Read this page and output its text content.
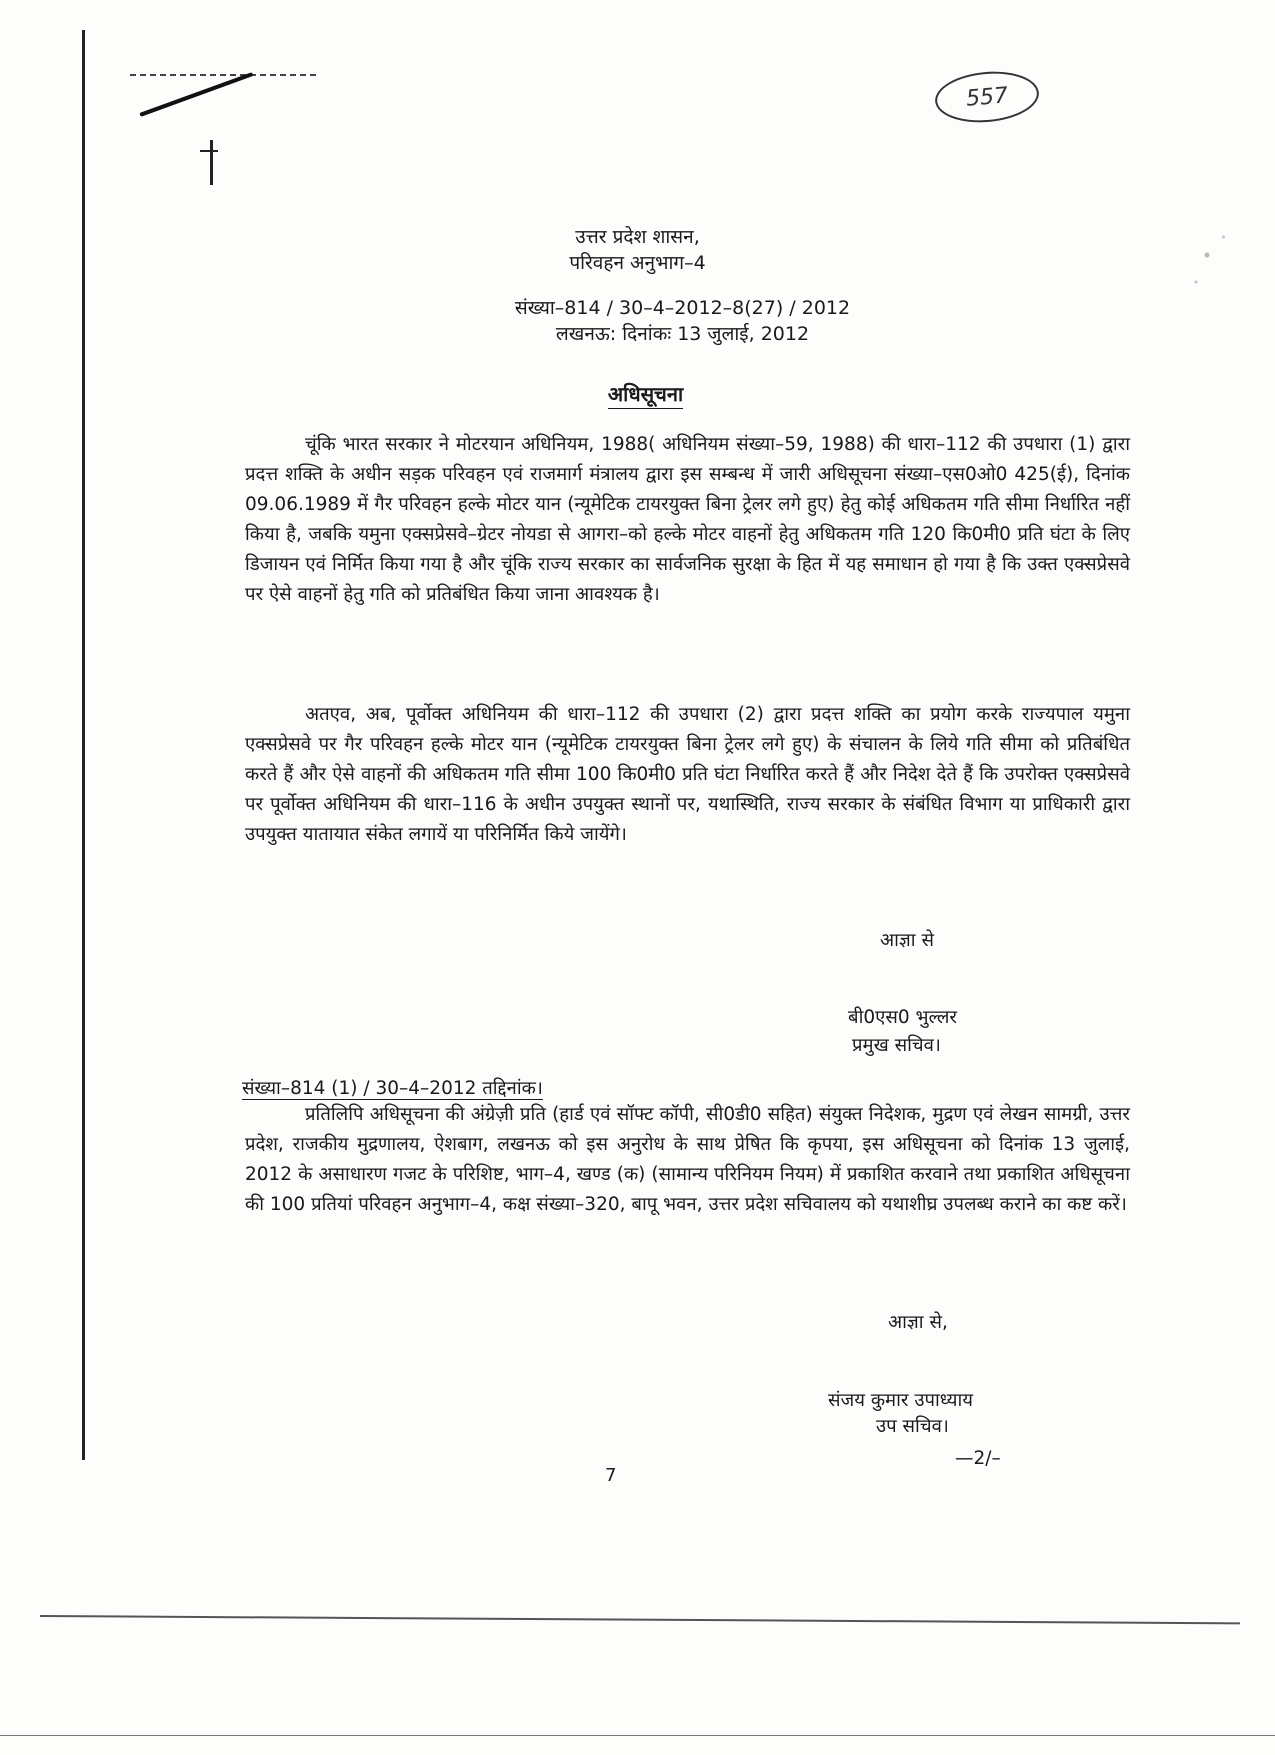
557
उत्तर प्रदेश शासन,
परिवहन अनुभाग–4
संख्या–814 / 30–4–2012–8(27) / 2012
लखनऊ: दिनांकः 13 जुलाई, 2012
अधिसूचना

चूंकि भारत सरकार ने मोटरयान अधिनियम, 1988( अधिनियम संख्या–59, 1988) की धारा–112 की उपधारा (1) द्वारा प्रदत्त शक्ति के अधीन सड़क परिवहन एवं राजमार्ग मंत्रालय द्वारा इस सम्बन्ध में जारी अधिसूचना संख्या–एस0ओ0 425(ई), दिनांक 09.06.1989 में गैर परिवहन हल्के मोटर यान (न्यूमेटिक टायरयुक्त बिना ट्रेलर लगे हुए) हेतु कोई अधिकतम गति सीमा निर्धारित नहीं किया है, जबकि यमुना एक्सप्रेसवे–ग्रेटर नोयडा से आगरा–को हल्के मोटर वाहनों हेतु अधिकतम गति 120 कि0मी0 प्रति घंटा के लिए डिजायन एवं निर्मित किया गया है और चूंकि राज्य सरकार का सार्वजनिक सुरक्षा के हित में यह समाधान हो गया है कि उक्त एक्सप्रेसवे पर ऐसे वाहनों हेतु गति को प्रतिबंधित किया जाना आवश्यक है।

अतएव, अब, पूर्वोक्त अधिनियम की धारा–112 की उपधारा (2) द्वारा प्रदत्त शक्ति का प्रयोग करके राज्यपाल यमुना एक्सप्रेसवे पर गैर परिवहन हल्के मोटर यान (न्यूमेटिक टायरयुक्त बिना ट्रेलर लगे हुए) के संचालन के लिये गति सीमा को प्रतिबंधित करते हैं और ऐसे वाहनों की अधिकतम गति सीमा 100 कि0मी0 प्रति घंटा निर्धारित करते हैं और निदेश देते हैं कि उपरोक्त एक्सप्रेसवे पर पूर्वोक्त अधिनियम की धारा–116 के अधीन उपयुक्त स्थानों पर, यथास्थिति, राज्य सरकार के संबंधित विभाग या प्राधिकारी द्वारा उपयुक्त यातायात संकेत लगायें या परिनिर्मित किये जायेंगे।

आज्ञा से
बी0एस0 भुल्लर
प्रमुख सचिव।
संख्या–814 (1) / 30–4–2012 तद्दिनांक।

प्रतिलिपि अधिसूचना की अंग्रेज़ी प्रति (हार्ड एवं सॉफ्ट कॉपी, सी0डी0 सहित) संयुक्त निदेशक, मुद्रण एवं लेखन सामग्री, उत्तर प्रदेश, राजकीय मुद्रणालय, ऐशबाग, लखनऊ को इस अनुरोध के साथ प्रेषित कि कृपया, इस अधिसूचना को दिनांक 13 जुलाई, 2012 के असाधारण गजट के परिशिष्ट, भाग–4, खण्ड (क) (सामान्य परिनियम नियम) में प्रकाशित करवाने तथा प्रकाशित अधिसूचना की 100 प्रतियां परिवहन अनुभाग–4, कक्ष संख्या–320, बापू भवन, उत्तर प्रदेश सचिवालय को यथाशीघ्र उपलब्ध कराने का कष्ट करें।

आज्ञा से,
संजय कुमार उपाध्याय
उप सचिव।
—2/–
7
